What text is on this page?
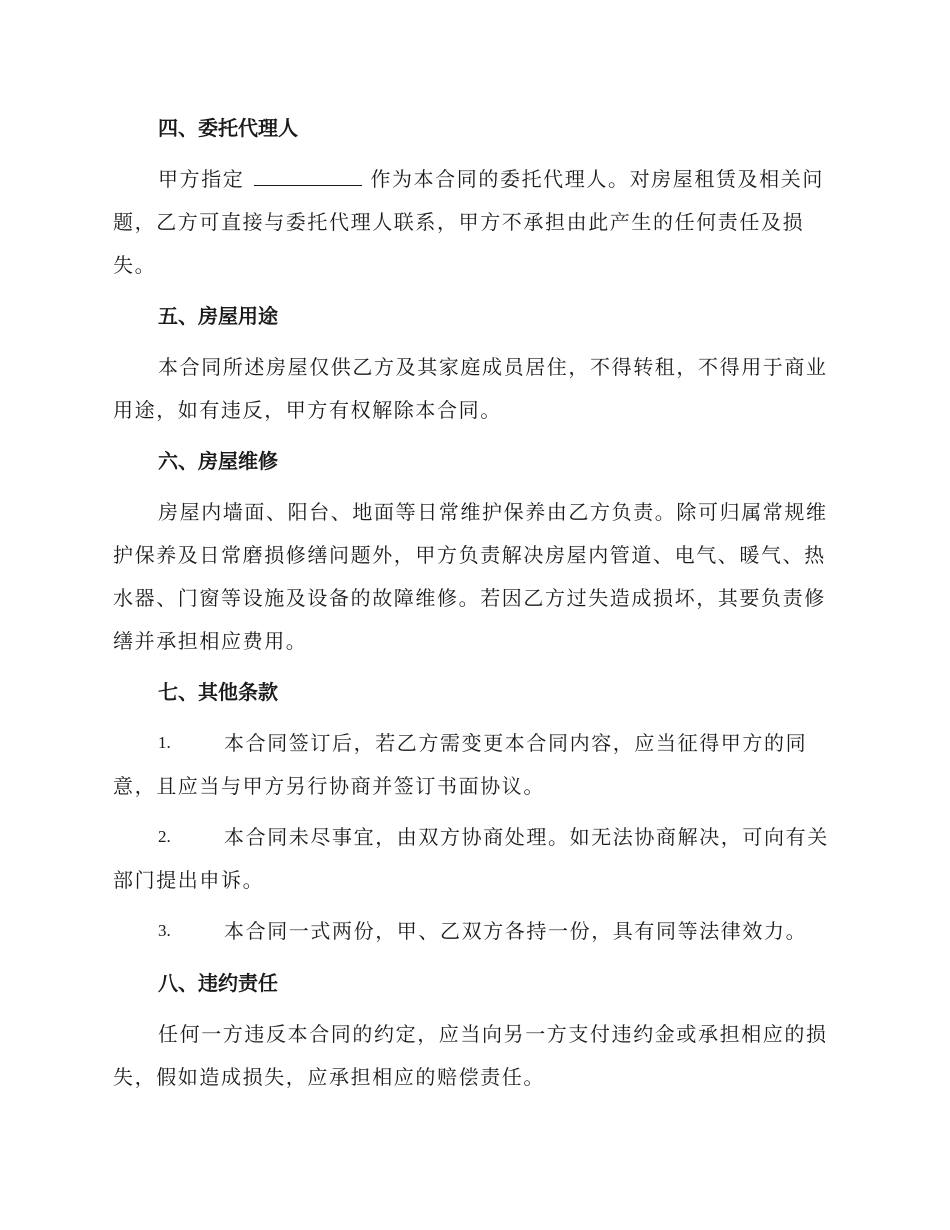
四、委托代理人
甲方指定	作为本合同的委托代理人。对房屋租赁及相关问
题，乙方可直接与委托代理人联系，甲方不承担由此产生的任何责任及损
失。
五、房屋用途
本合同所述房屋仅供乙方及其家庭成员居住，不得转租，不得用于商业
用途，如有违反，甲方有权解除本合同。
六、房屋维修
房屋内墙面、阳台、地面等日常维护保养由乙方负责。除可归属常规维
护保养及日常磨损修缮问题外，甲方负责解决房屋内管道、电气、暖气、热
水器、门窗等设施及设备的故障维修。若因乙方过失造成损坏，其要负责修
缮并承担相应费用。
七、其他条款
1.	本合同签订后，若乙方需变更本合同内容，应当征得甲方的同
意，且应当与甲方另行协商并签订书面协议。
2.	本合同未尽事宜，由双方协商处理。如无法协商解决，可向有关
部门提出申诉。
3.	本合同一式两份，甲、乙双方各持一份，具有同等法律效力。
八、违约责任
任何一方违反本合同的约定，应当向另一方支付违约金或承担相应的损
失，假如造成损失，应承担相应的赔偿责任。
